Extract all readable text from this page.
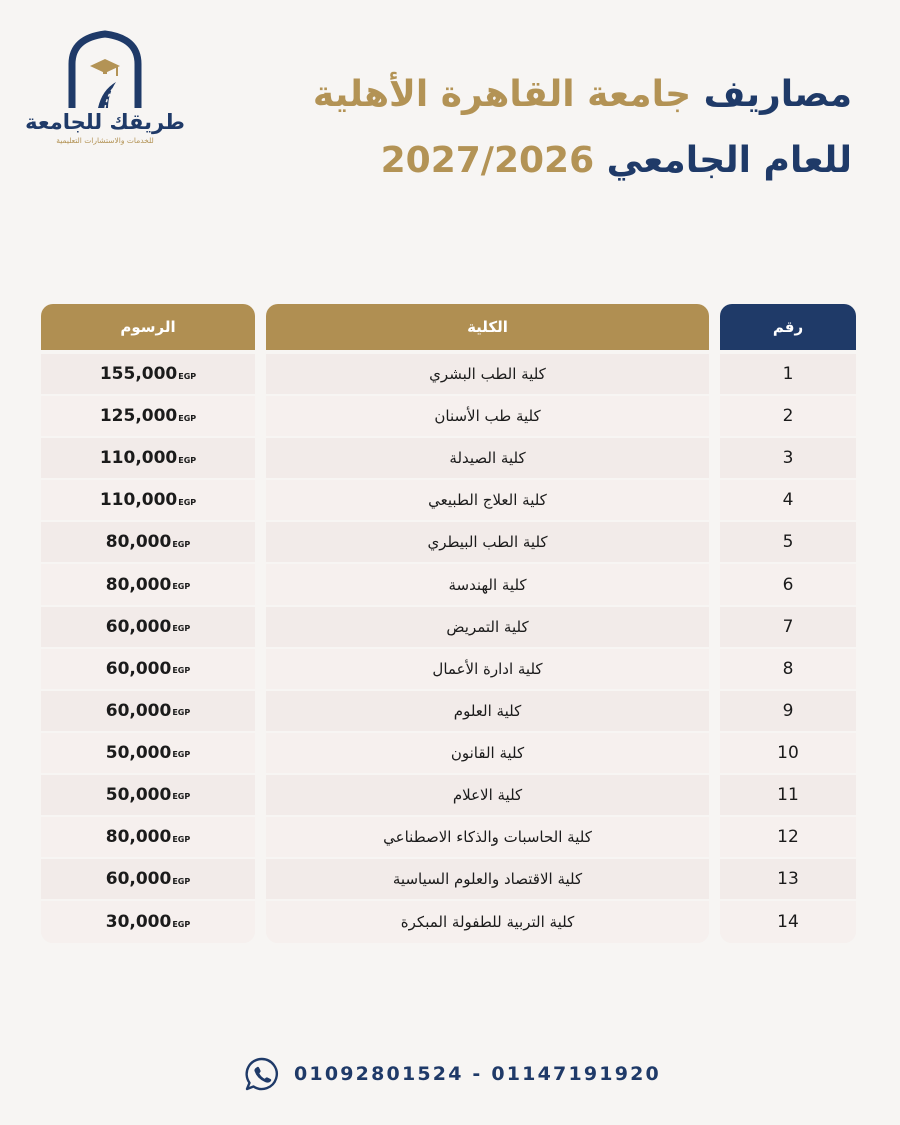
طريقك للجامعة
للخدمات والاستشارات التعليمية
مصاريف جامعة القاهرة الأهلية
للعام الجامعي 2027/2026
الرسوم
155,000 EGP
125,000 EGP
110,000 EGP
110,000 EGP
80,000 EGP
80,000 EGP
60,000 EGP
60,000 EGP
60,000 EGP
50,000 EGP
50,000 EGP
80,000 EGP
60,000 EGP
30,000 EGP
الكلية
كلية الطب البشري
كلية طب الأسنان
كلية الصيدلة
كلية العلاج الطبيعي
كلية الطب البيطري
كلية الهندسة
كلية التمريض
كلية ادارة الأعمال
كلية العلوم
كلية القانون
كلية الاعلام
كلية الحاسبات والذكاء الاصطناعي
كلية الاقتصاد والعلوم السياسية
كلية التربية للطفولة المبكرة
رقم
1
2
3
4
5
6
7
8
9
10
11
12
13
14
01092801524 - 01147191920
